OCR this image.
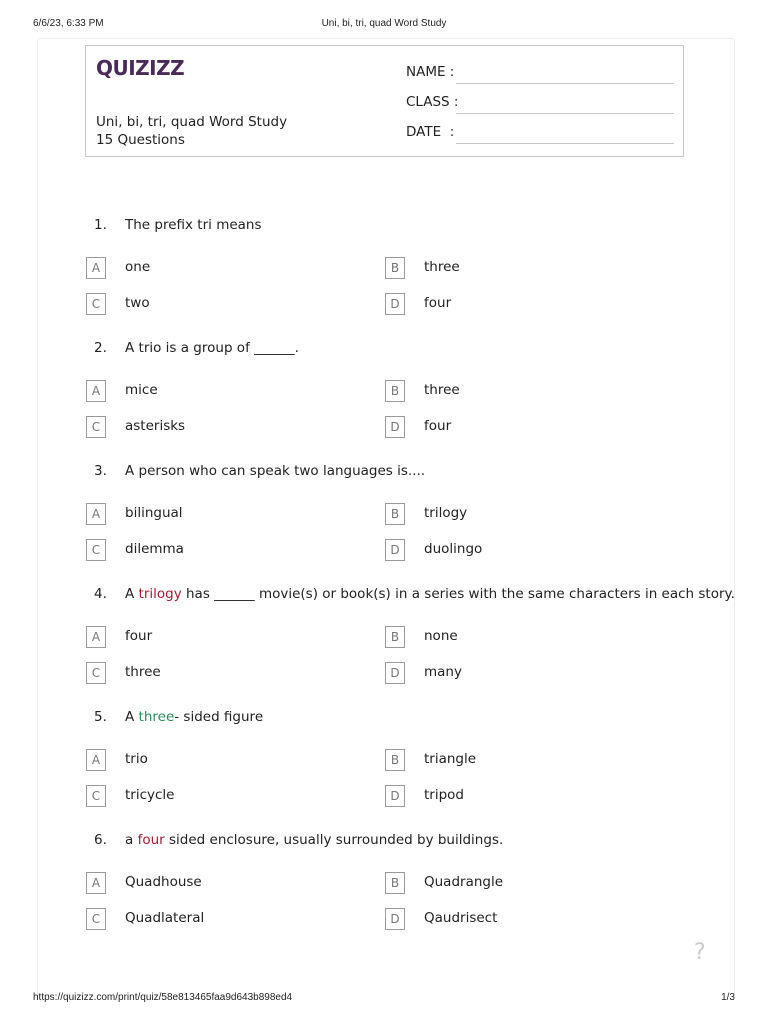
6/6/23, 6:33 PM	Uni, bi, tri, quad Word Study
QUIZIZZ
Uni, bi, tri, quad Word Study
15 Questions
NAME :
CLASS :
DATE  :
1. The prefix tri means
A	one	B	three
C	two	D	four
2. A trio is a group of ______.
A	mice	B	three
C	asterisks	D	four
3. A person who can speak two languages is....
A	bilingual	B	trilogy
C	dilemma	D	duolingo
4. A trilogy has ______ movie(s) or book(s) in a series with the same characters in each story.
A	four	B	none
C	three	D	many
5. A three- sided figure
A	trio	B	triangle
C	tricycle	D	tripod
6. a four sided enclosure, usually surrounded by buildings.
A	Quadhouse	B	Quadrangle
C	Quadlateral	D	Qaudrisect
?
https://quizizz.com/print/quiz/58e813465faa9d643b898ed4	1/3
